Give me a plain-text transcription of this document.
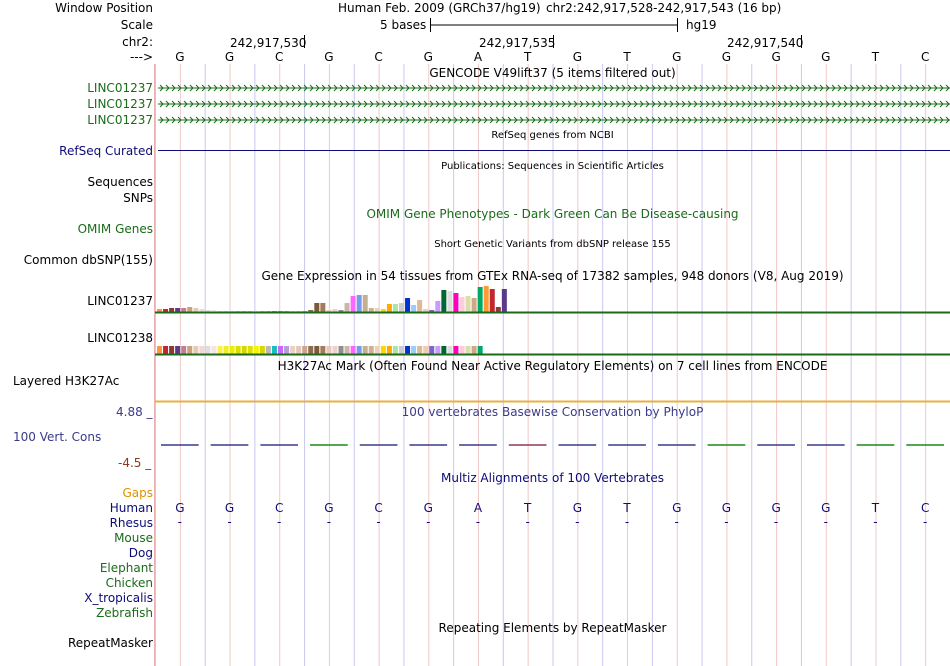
Window Position
Scale
chr2:
--->
Human Feb. 2009 (GRCh37/hg19) chr2:242,917,528-242,917,543 (16 bp)
5 bases	hg19
242,917,530	242,917,535	242,917,540
G	G	C	G	C	G	A	T	G	T	G	G	G	G	T	C
GENCODE V49lift37 (5 items filtered out)
LINC01237
LINC01237
LINC01237
RefSeq genes from NCBI
RefSeq Curated
Publications: Sequences in Scientific Articles
Sequences
SNPs
OMIM Gene Phenotypes - Dark Green Can Be Disease-causing
OMIM Genes
Short Genetic Variants from dbSNP release 155
Common dbSNP(155)
Gene Expression in 54 tissues from GTEx RNA-seq of 17382 samples, 948 donors (V8, Aug 2019)
LINC01237
LINC01238
H3K27Ac Mark (Often Found Near Active Regulatory Elements) on 7 cell lines from ENCODE
Layered H3K27Ac
4.88 _	100 vertebrates Basewise Conservation by PhyloP
100 Vert. Cons
-4.5 _
Multiz Alignments of 100 Vertebrates
Gaps
Human
Rhesus
Mouse
Dog
Elephant
Chicken
X_tropicalis
Zebrafish
G	G	C	G	C	G	A	T	G	T	G	G	G	G	T	C
-	-	-	-	-	-	-	-	-	-	-	-	-	-	-	-
Repeating Elements by RepeatMasker
RepeatMasker
